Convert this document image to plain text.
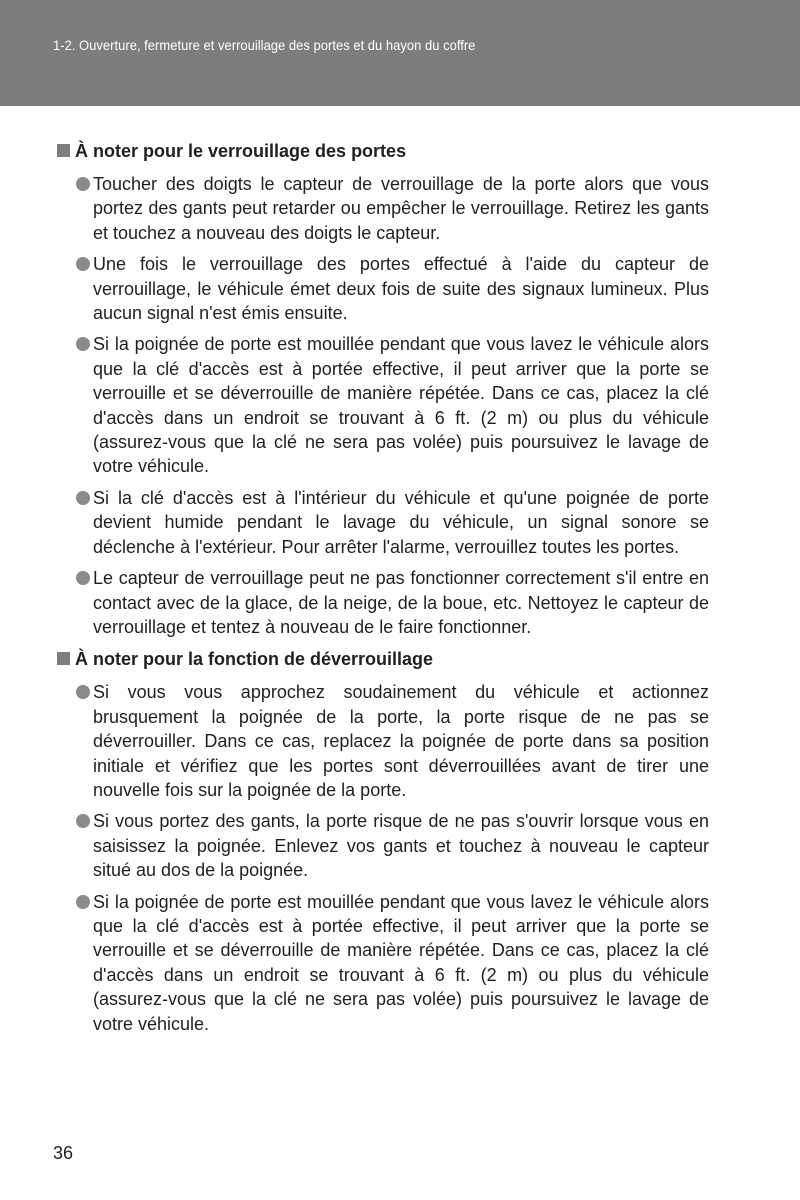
1-2. Ouverture, fermeture et verrouillage des portes et du hayon du coffre
À noter pour le verrouillage des portes
Toucher des doigts le capteur de verrouillage de la porte alors que vous portez des gants peut retarder ou empêcher le verrouillage. Retirez les gants et touchez a nouveau des doigts le capteur.
Une fois le verrouillage des portes effectué à l'aide du capteur de verrouillage, le véhicule émet deux fois de suite des signaux lumineux. Plus aucun signal n'est émis ensuite.
Si la poignée de porte est mouillée pendant que vous lavez le véhicule alors que la clé d'accès est à portée effective, il peut arriver que la porte se verrouille et se déverrouille de manière répétée. Dans ce cas, placez la clé d'accès dans un endroit se trouvant à 6 ft. (2 m) ou plus du véhicule (assurez-vous que la clé ne sera pas volée) puis poursuivez le lavage de votre véhicule.
Si la clé d'accès est à l'intérieur du véhicule et qu'une poignée de porte devient humide pendant le lavage du véhicule, un signal sonore se déclenche à l'extérieur. Pour arrêter l'alarme, verrouillez toutes les portes.
Le capteur de verrouillage peut ne pas fonctionner correctement s'il entre en contact avec de la glace, de la neige, de la boue, etc. Nettoyez le capteur de verrouillage et tentez à nouveau de le faire fonctionner.
À noter pour la fonction de déverrouillage
Si vous vous approchez soudainement du véhicule et actionnez brusquement la poignée de la porte, la porte risque de ne pas se déverrouiller. Dans ce cas, replacez la poignée de porte dans sa position initiale et vérifiez que les portes sont déverrouillées avant de tirer une nouvelle fois sur la poignée de la porte.
Si vous portez des gants, la porte risque de ne pas s'ouvrir lorsque vous en saisissez la poignée. Enlevez vos gants et touchez à nouveau le capteur situé au dos de la poignée.
Si la poignée de porte est mouillée pendant que vous lavez le véhicule alors que la clé d'accès est à portée effective, il peut arriver que la porte se verrouille et se déverrouille de manière répétée. Dans ce cas, placez la clé d'accès dans un endroit se trouvant à 6 ft. (2 m) ou plus du véhicule (assurez-vous que la clé ne sera pas volée) puis poursuivez le lavage de votre véhicule.
36
